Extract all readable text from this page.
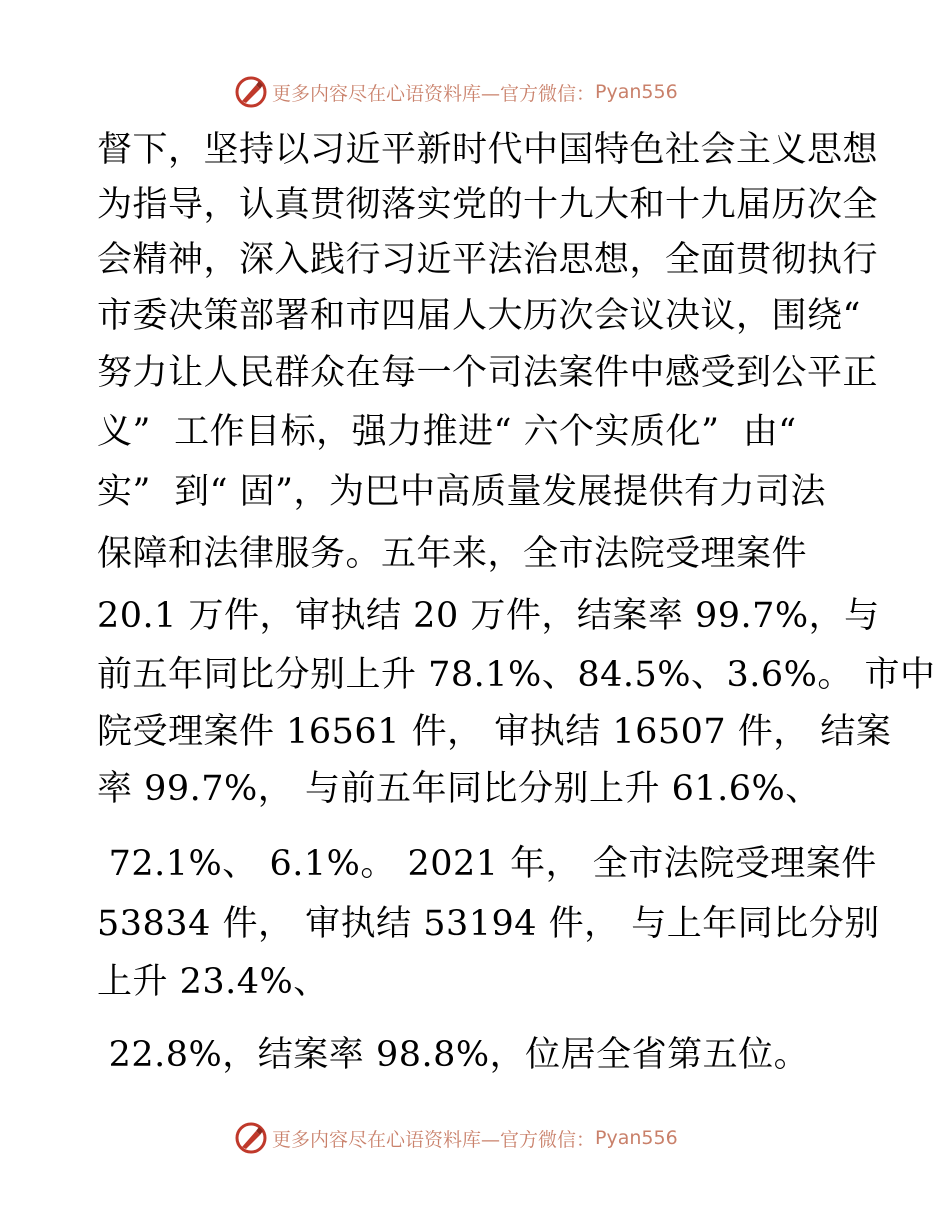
更多内容尽在心语资料库—官方微信： Pyan556
督下，坚持以习近平新时代中国特色社会主义思想
为指导，认真贯彻落实党的十九大和十九届历次全
会精神，深入践行习近平法治思想，全面贯彻执行
市委决策部署和市四届人大历次会议决议，围绕“
努力让人民群众在每一个司法案件中感受到公平正
义”  工作目标，强力推进“ 六个实质化”  由“
实”  到“ 固”，为巴中高质量发展提供有力司法
保障和法律服务。五年来，全市法院受理案件
20.1 万件，审执结 20 万件，结案率 99.7%，与
前五年同比分别上升 78.1%、84.5%、3.6%。 市中
院受理案件 16561 件， 审执结 16507 件， 结案
率 99.7%， 与前五年同比分别上升 61.6%、
72.1%、 6.1%。 2021 年， 全市法院受理案件
53834 件， 审执结 53194 件， 与上年同比分别
上升 23.4%、
22.8%，结案率 98.8%，位居全省第五位。
更多内容尽在心语资料库—官方微信： Pyan556
